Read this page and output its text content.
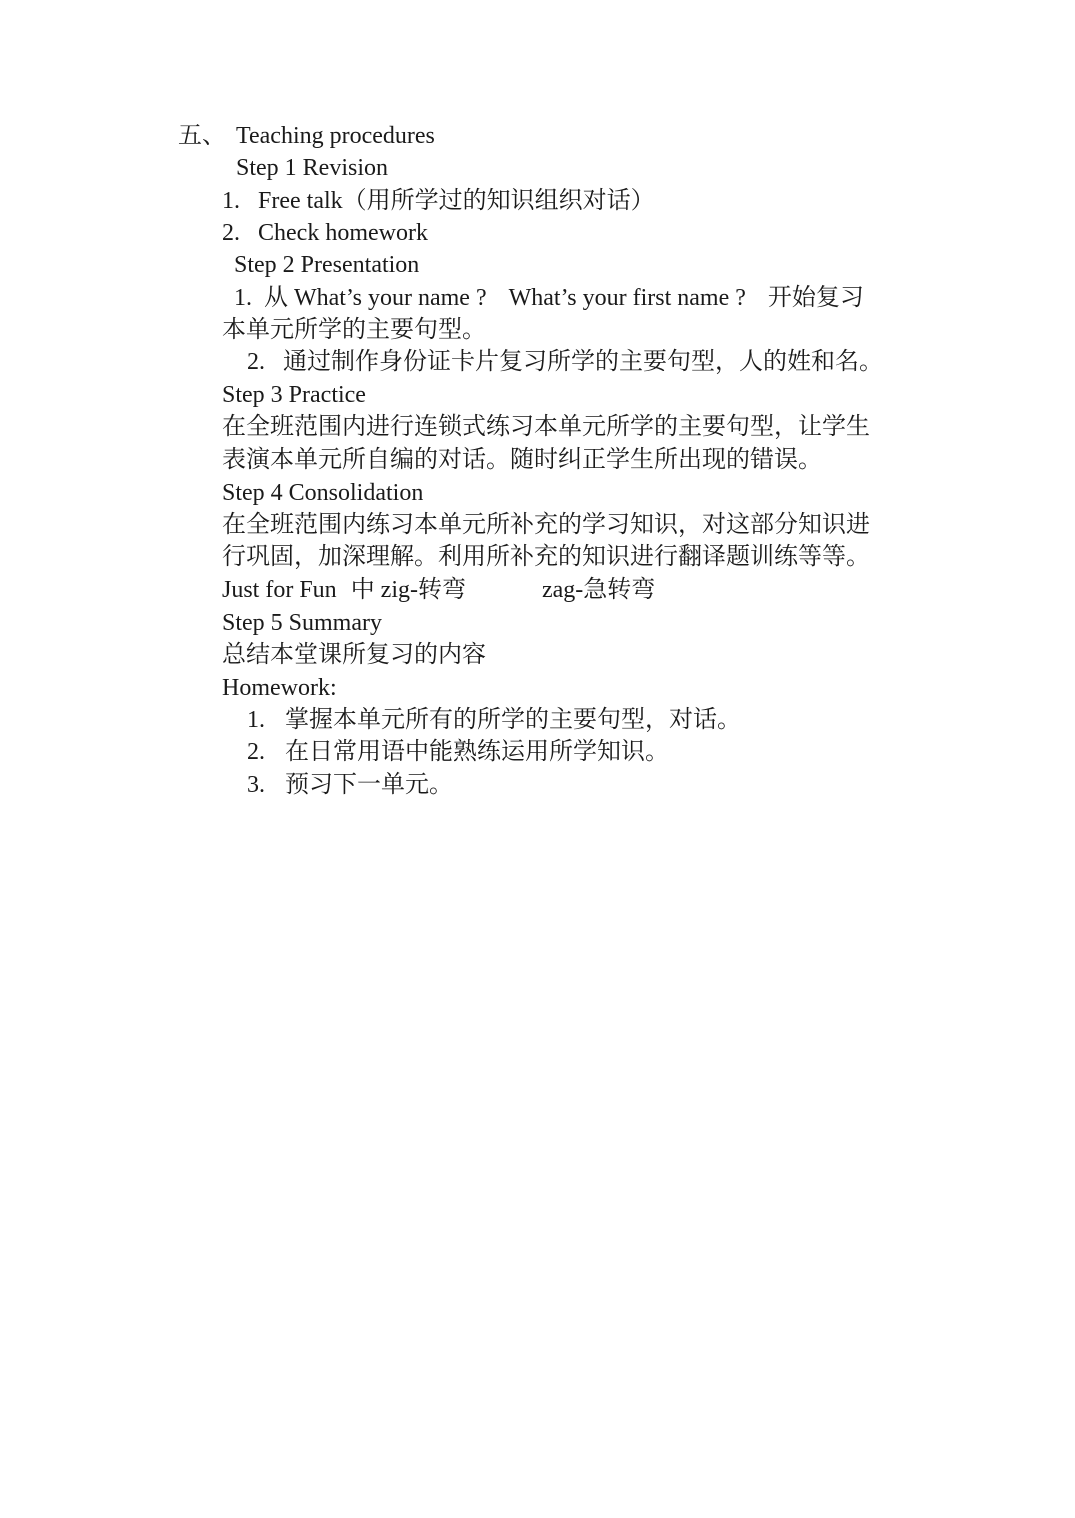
五、 Teaching procedures
Step 1 Revision
1. Free talk（用所学过的知识组织对话）
2. Check homework
Step 2 Presentation
1. 从 What’s your name ? What’s your first name ? 开始复习
本单元所学的主要句型。
2. 通过制作身份证卡片复习所学的主要句型，人的姓和名。
Step 3 Practice
在全班范围内进行连锁式练习本单元所学的主要句型，让学生
表演本单元所自编的对话。随时纠正学生所出现的错误。
Step 4 Consolidation
在全班范围内练习本单元所补充的学习知识，对这部分知识进
行巩固，加深理解。利用所补充的知识进行翻译题训练等等。
Just for Fun 中 zig-转弯	zag-急转弯
Step 5 Summary
总结本堂课所复习的内容
Homework:
1. 掌握本单元所有的所学的主要句型，对话。
2. 在日常用语中能熟练运用所学知识。
3. 预习下一单元。
